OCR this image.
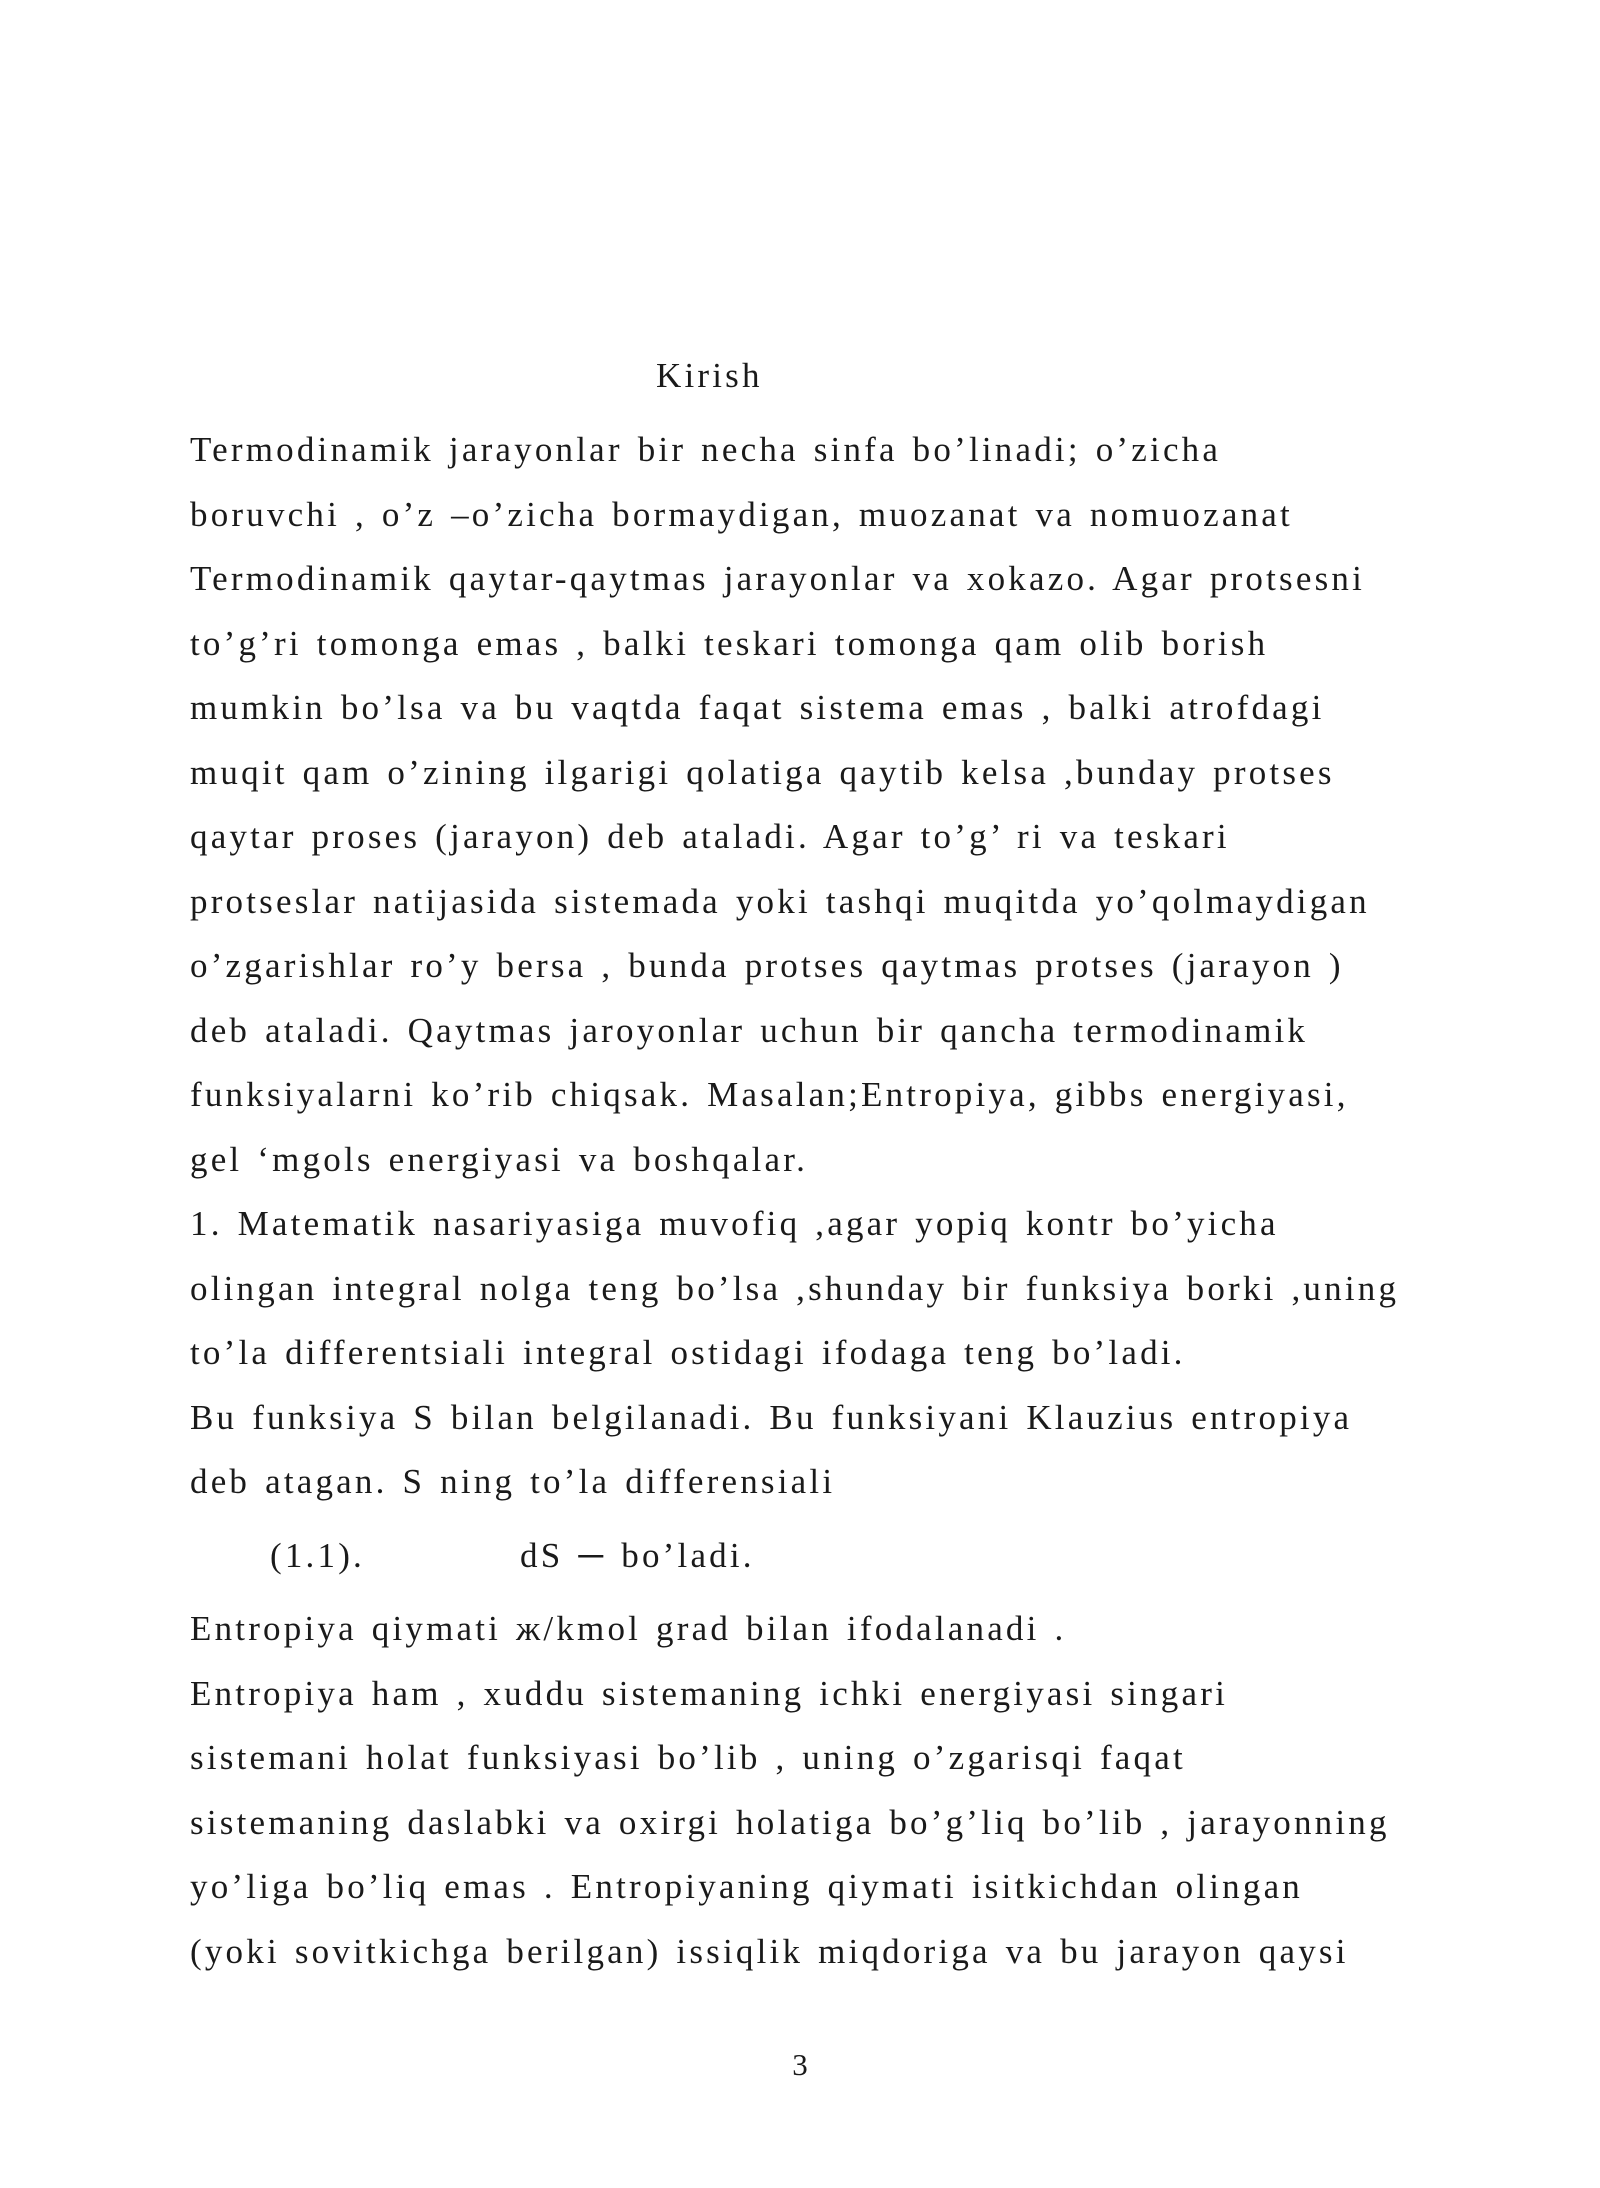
Kirish
Termodinamik jarayonlar bir necha sinfa bo’linadi; o’zicha
boruvchi , o’z –o’zicha bormaydigan, muozanat va nomuozanat
Termodinamik qaytar-qaytmas jarayonlar va xokazo. Agar protsesni
to’g’ri tomonga emas , balki teskari tomonga qam olib borish
mumkin bo’lsa va bu vaqtda faqat sistema emas , balki atrofdagi
muqit qam o’zining ilgarigi qolatiga qaytib kelsa ,bunday protses
qaytar proses (jarayon) deb ataladi. Agar to’g’ ri va teskari
protseslar natijasida sistemada yoki tashqi muqitda yo’qolmaydigan
o’zgarishlar ro’y bersa , bunda protses qaytmas protses (jarayon )
deb ataladi. Qaytmas jaroyonlar uchun bir qancha termodinamik
funksiyalarni ko’rib chiqsak. Masalan;Entropiya, gibbs energiyasi,
gel ‘mgols energiyasi va boshqalar.
1. Matematik nasariyasiga muvofiq ,agar yopiq kontr bo’yicha
olingan integral nolga teng bo’lsa ,shunday bir funksiya borki ,uning
to’la differentsiali integral ostidagi ifodaga teng bo’ladi.
Bu funksiya S bilan belgilanadi. Bu funksiyani Klauzius entropiya
deb atagan. S ning to’la differensiali
(1.1).	dS ─ bo’ladi.
Entropiya qiymati ж/kmol grad bilan ifodalanadi .
Entropiya ham , xuddu sistemaning ichki energiyasi singari
sistemani holat funksiyasi bo’lib , uning o’zgarisqi faqat
sistemaning daslabki va oxirgi holatiga bo’g’liq bo’lib , jarayonning
yo’liga bo’liq emas . Entropiyaning qiymati isitkichdan olingan
(yoki sovitkichga berilgan) issiqlik miqdoriga va bu jarayon qaysi
3
